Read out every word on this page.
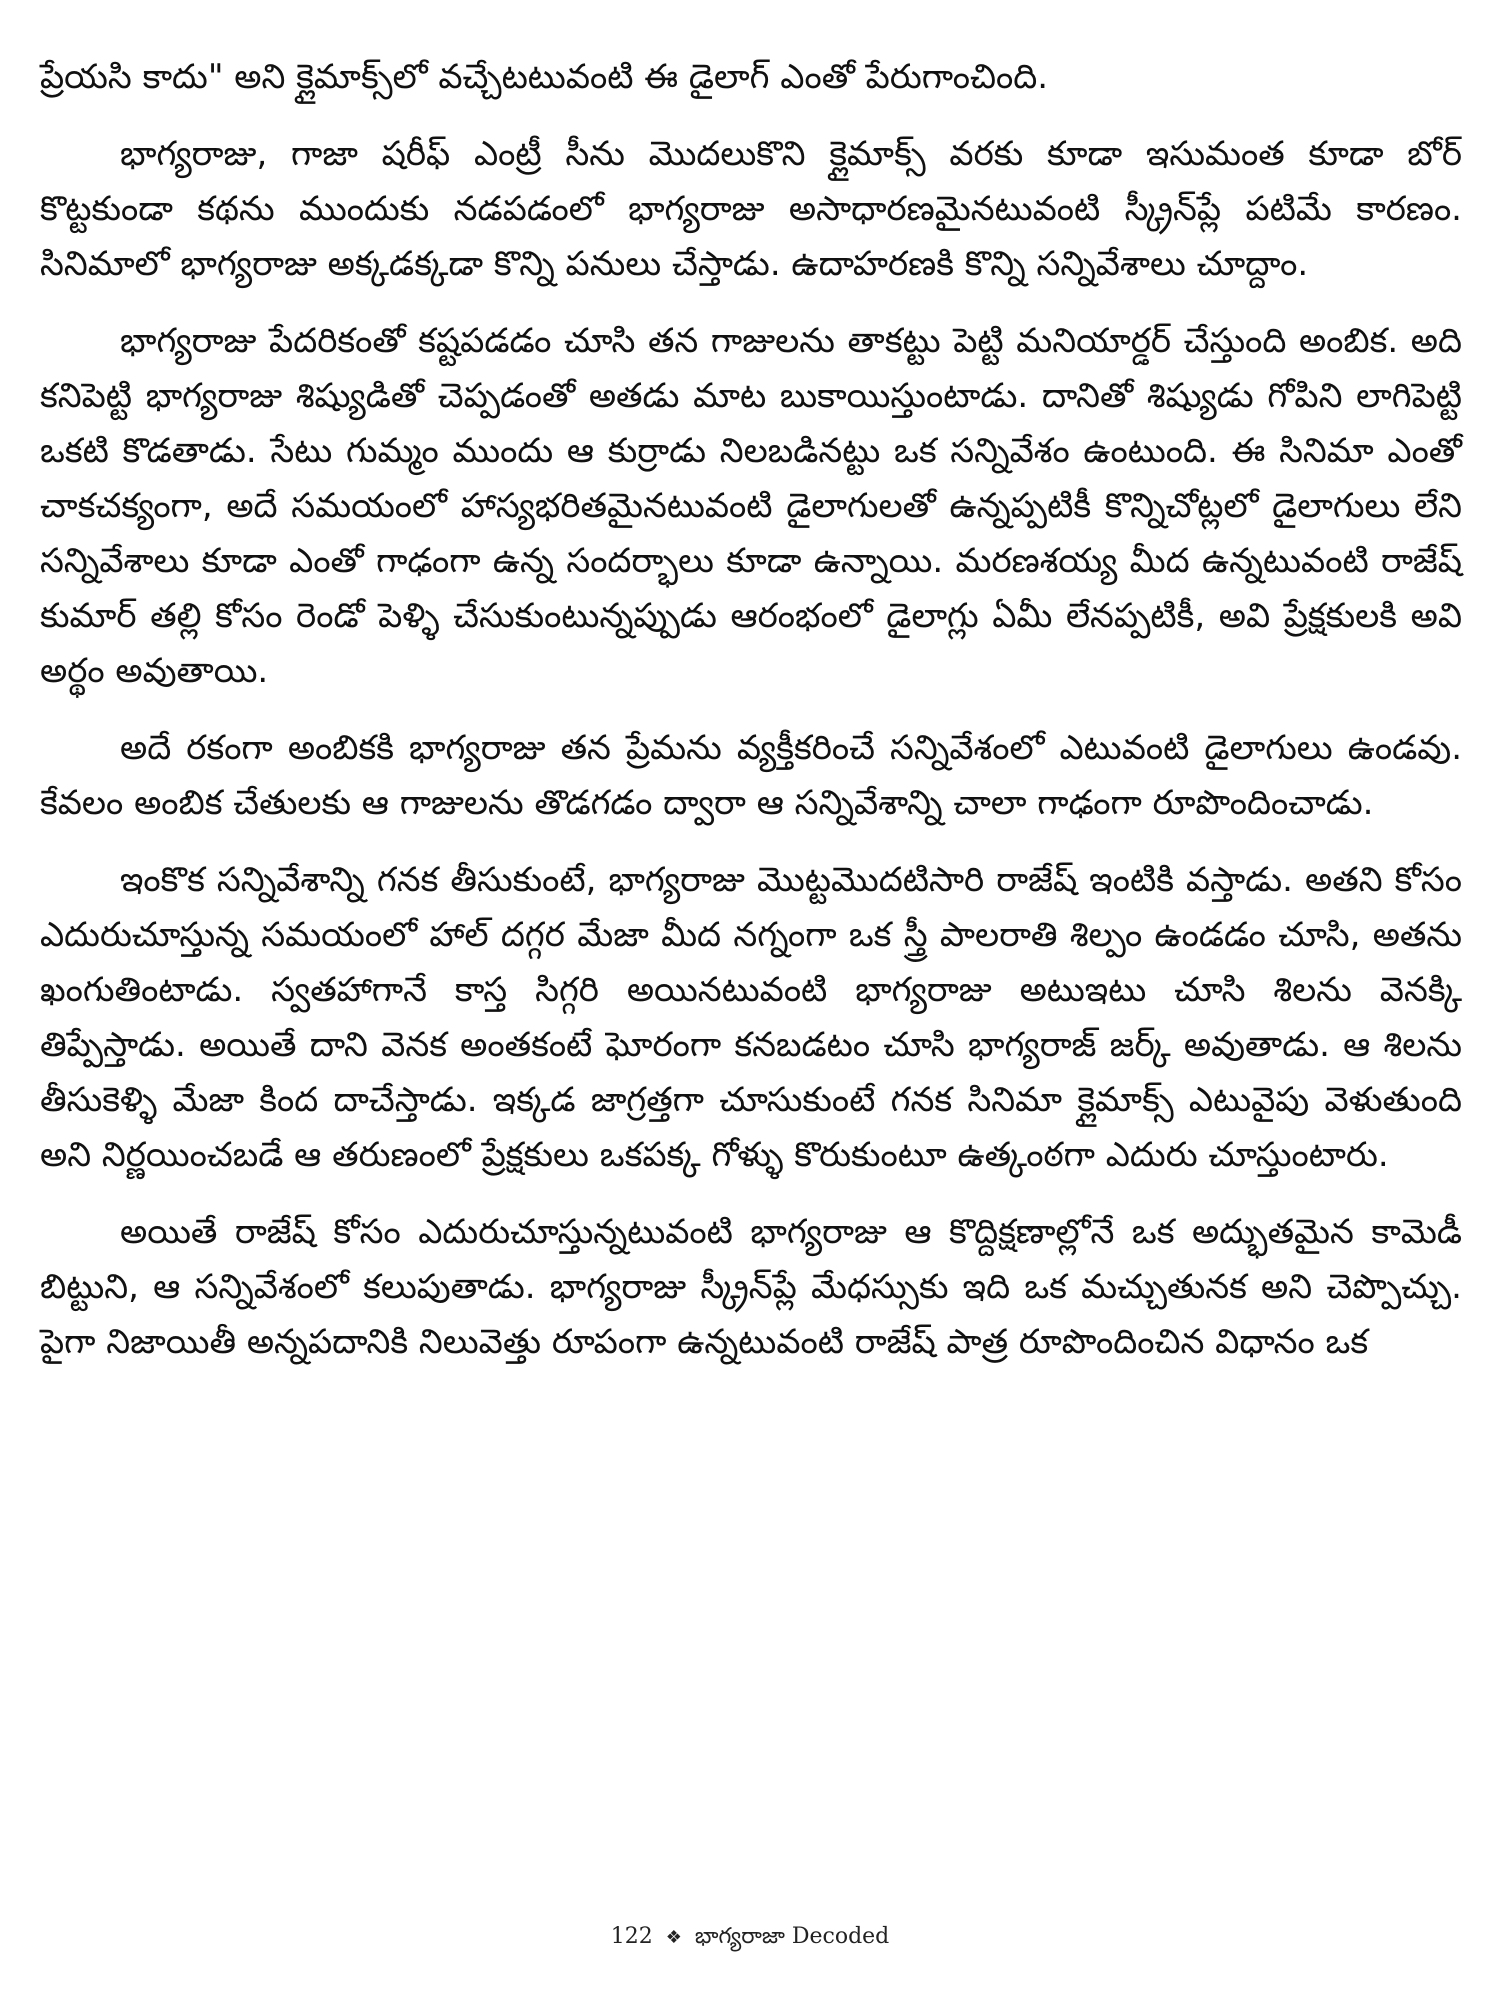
ప్రేయసి కాదు" అని క్లైమాక్స్‌లో వచ్చేటటువంటి ఈ డైలాగ్ ఎంతో పేరుగాంచింది.

భాగ్యరాజు, గాజా షరీఫ్ ఎంట్రీ సీను మొదలుకొని క్లైమాక్స్ వరకు కూడా ఇసుమంత కూడా బోర్ కొట్టకుండా కథను ముందుకు నడపడంలో భాగ్యరాజు అసాధారణమైనటువంటి స్క్రీన్‌ప్లే పటిమే కారణం. సినిమాలో భాగ్యరాజు అక్కడక్కడా కొన్ని పనులు చేస్తాడు. ఉదాహరణకి కొన్ని సన్నివేశాలు చూద్దాం.

భాగ్యరాజు పేదరికంతో కష్టపడడం చూసి తన గాజులను తాకట్టు పెట్టి మనియార్డర్ చేస్తుంది అంబిక. అది కనిపెట్టి భాగ్యరాజు శిష్యుడితో చెప్పడంతో అతడు మాట బుకాయిస్తుంటాడు. దానితో శిష్యుడు గోపిని లాగిపెట్టి ఒకటి కొడతాడు. సేటు గుమ్మం ముందు ఆ కుర్రాడు నిలబడినట్టు ఒక సన్నివేశం ఉంటుంది. ఈ సినిమా ఎంతో చాకచక్యంగా, అదే సమయంలో హాస్యభరితమైనటువంటి డైలాగులతో ఉన్నప్పటికీ కొన్నిచోట్లలో డైలాగులు లేని సన్నివేశాలు కూడా ఎంతో గాఢంగా ఉన్న సందర్భాలు కూడా ఉన్నాయి. మరణశయ్య మీద ఉన్నటువంటి రాజేష్ కుమార్ తల్లి కోసం రెండో పెళ్ళి చేసుకుంటున్నప్పుడు ఆరంభంలో డైలాగ్లు ఏమీ లేనప్పటికీ, అవి ప్రేక్షకులకి అవి అర్థం అవుతాయి.

అదే రకంగా అంబికకి భాగ్యరాజు తన ప్రేమను వ్యక్తీకరించే సన్నివేశంలో ఎటువంటి డైలాగులు ఉండవు. కేవలం అంబిక చేతులకు ఆ గాజులను తొడగడం ద్వారా ఆ సన్నివేశాన్ని చాలా గాఢంగా రూపొందించాడు.

ఇంకొక సన్నివేశాన్ని గనక తీసుకుంటే, భాగ్యరాజు మొట్టమొదటిసారి రాజేష్ ఇంటికి వస్తాడు. అతని కోసం ఎదురుచూస్తున్న సమయంలో హాల్ దగ్గర మేజా మీద నగ్నంగా ఒక స్త్రీ పాలరాతి శిల్పం ఉండడం చూసి, అతను ఖంగుతింటాడు. స్వతహాగానే కాస్త సిగ్గరి అయినటువంటి భాగ్యరాజు అటుఇటు చూసి శిలను వెనక్కి తిప్పేస్తాడు. అయితే దాని వెనక అంతకంటే ఘోరంగా కనబడటం చూసి భాగ్యరాజ్ జర్క్ అవుతాడు. ఆ శిలను తీసుకెళ్ళి మేజా కింద దాచేస్తాడు. ఇక్కడ జాగ్రత్తగా చూసుకుంటే గనక సినిమా క్లైమాక్స్ ఎటువైపు వెళుతుంది అని నిర్ణయించబడే ఆ తరుణంలో ప్రేక్షకులు ఒకపక్క గోళ్ళు కొరుకుంటూ ఉత్కంఠగా ఎదురు చూస్తుంటారు.

అయితే రాజేష్ కోసం ఎదురుచూస్తున్నటువంటి భాగ్యరాజు ఆ కొద్దిక్షణాల్లోనే ఒక అద్భుతమైన కామెడీ బిట్టుని, ఆ సన్నివేశంలో కలుపుతాడు. భాగ్యరాజు స్క్రీన్‌ప్లే మేధస్సుకు ఇది ఒక మచ్చుతునక అని చెప్పొచ్చు. పైగా నిజాయితీ అన్నపదానికి నిలువెత్తు రూపంగా ఉన్నటువంటి రాజేష్ పాత్ర రూపొందించిన విధానం ఒక

122 ❖ భాగ్యరాజా Decoded
